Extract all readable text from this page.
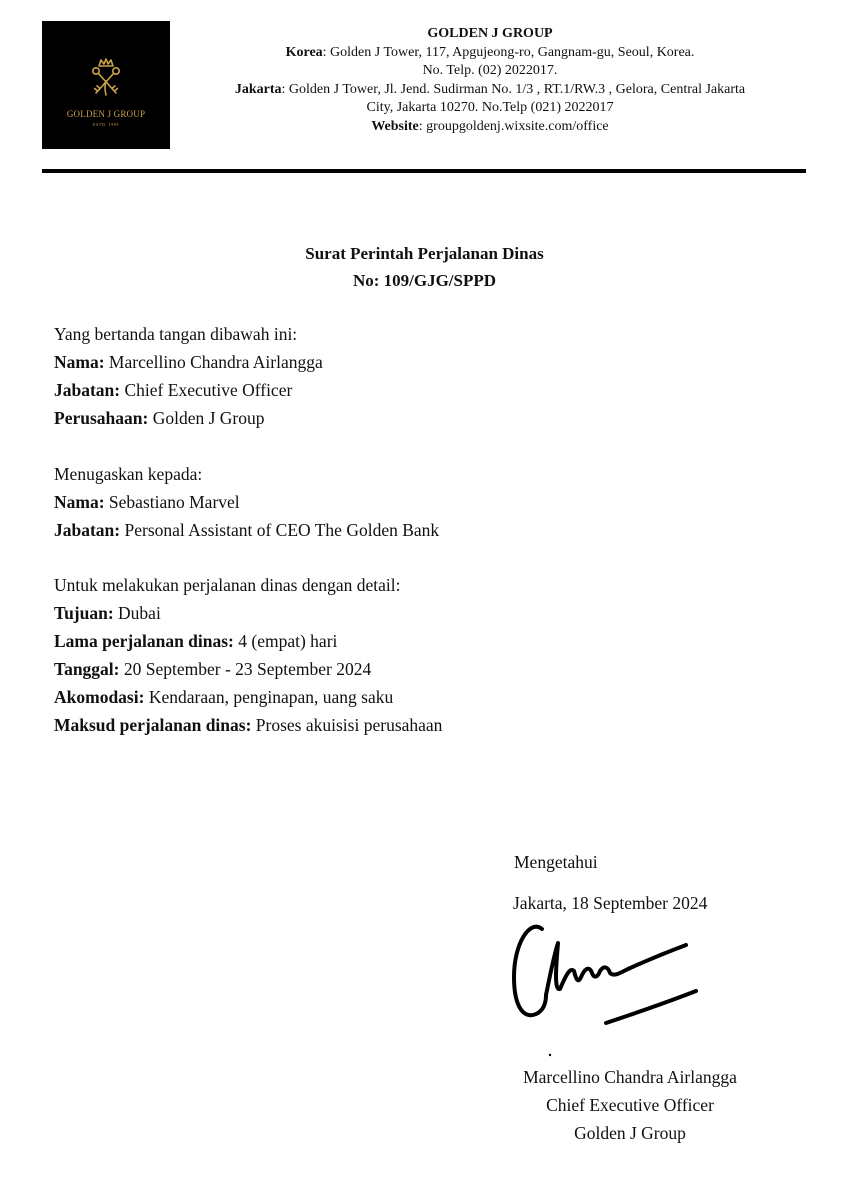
GOLDEN J GROUP
ESTD. 1999
GOLDEN J GROUP
Korea: Golden J Tower, 117, Apgujeong-ro, Gangnam-gu, Seoul, Korea.
No. Telp. (02) 2022017.
Jakarta: Golden J Tower, Jl. Jend. Sudirman No. 1/3 , RT.1/RW.3 , Gelora, Central Jakarta
City, Jakarta 10270. No.Telp (021) 2022017
Website: groupgoldenj.wixsite.com/office
Surat Perintah Perjalanan Dinas
No: 109/GJG/SPPD
Yang bertanda tangan dibawah ini:
Nama: Marcellino Chandra Airlangga
Jabatan: Chief Executive Officer
Perusahaan: Golden J Group
Menugaskan kepada:
Nama: Sebastiano Marvel
Jabatan: Personal Assistant of CEO The Golden Bank
Untuk melakukan perjalanan dinas dengan detail:
Tujuan: Dubai
Lama perjalanan dinas: 4 (empat) hari
Tanggal: 20 September - 23 September 2024
Akomodasi: Kendaraan, penginapan, uang saku
Maksud perjalanan dinas: Proses akuisisi perusahaan
Mengetahui
Jakarta, 18 September 2024
Marcellino Chandra Airlangga
Chief Executive Officer
Golden J Group
